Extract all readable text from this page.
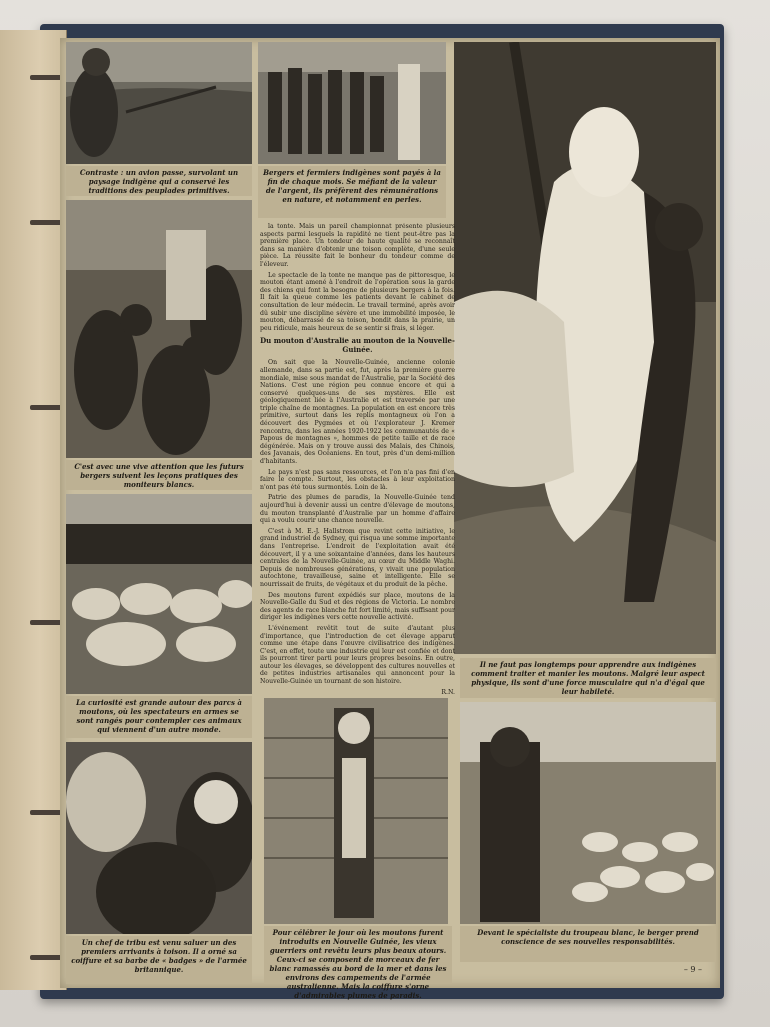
Contraste : un avion passe, survolant un paysage indigène qui a conservé les traditions des peuplades primitives.
Bergers et fermiers indigènes sont payés à la fin de chaque mois. Se méfiant de la valeur de l'argent, ils préfèrent des rémunérations en nature, et notamment en perles.
C'est avec une vive attention que les futurs bergers suivent les leçons pratiques des moniteurs blancs.
La curiosité est grande autour des parcs à moutons, où les spectateurs en armes se sont rangés pour contempler ces animaux qui viennent d'un autre monde.

la tonte. Mais un pareil championnat présente plusieurs aspects parmi lesquels la rapidité ne tient peut-être pas la première place. Un tondeur de haute qualité se reconnaît dans sa manière d'obtenir une toison complète, d'une seule pièce. La réussite fait le bonheur du tondeur comme de l'éleveur.

Le spectacle de la tonte ne manque pas de pittoresque, le mouton étant amené à l'endroit de l'opération sous la garde des chiens qui font la besogne de plusieurs bergers à la fois. Il fait la queue comme les patients devant le cabinet de consultation de leur médecin. Le travail terminé, après avoir dû subir une discipline sévère et une immobilité imposée, le mouton, débarrassé de sa toison, bondit dans la prairie, un peu ridicule, mais heureux de se sentir si frais, si léger.

Du mouton d'Australie au mouton de la Nouvelle-Guinée.

On sait que la Nouvelle-Guinée, ancienne colonie allemande, dans sa partie est, fut, après la première guerre mondiale, mise sous mandat de l'Australie, par la Société des Nations. C'est une région peu connue encore et qui a conservé quelques-uns de ses mystères. Elle est géologiquement liée à l'Australie et est traversée par une triple chaîne de montagnes. La population en est encore très primitive, surtout dans les replis montagneux où l'on a découvert des Pygmées et où l'explorateur J. Kremer rencontra, dans les années 1920-1922 les communautés de « Papous de montagnes », hommes de petite taille et de race dégénérée. Mais on y trouve aussi des Malais, des Chinois, des Javanais, des Océaniens. En tout, près d'un demi-million d'habitants.

Le pays n'est pas sans ressources, et l'on n'a pas fini d'en faire le compte. Surtout, les obstacles à leur exploitation n'ont pas été tous surmontés. Loin de là.

Patrie des plumes de paradis, la Nouvelle-Guinée tend aujourd'hui à devenir aussi un centre d'élevage de moutons, du mouton transplanté d'Australie par un homme d'affaire qui a voulu courir une chance nouvelle.

C'est à M. E.-J. Hallstrom que revint cette initiative, le grand industriel de Sydney, qui risqua une somme importante dans l'entreprise. L'endroit de l'exploitation avait été découvert, il y a une soixantaine d'années, dans les hauteurs centrales de la Nouvelle-Guinée, au cœur du Middle Waghi. Depuis de nombreuses générations, y vivait une population autochtone, travailleuse, saine et intelligente. Elle se nourrissait de fruits, de végétaux et du produit de la pêche.

Des moutons furent expédiés sur place, moutons de la Nouvelle-Galle du Sud et des régions de Victoria. Le nombre des agents de race blanche fut fort limité, mais suffisant pour diriger les indigènes vers cette nouvelle activité.

L'événement revêtit tout de suite d'autant plus d'importance, que l'introduction de cet élevage apparut comme une étape dans l'œuvre civilisatrice des indigènes. C'est, en effet, toute une industrie qui leur est confiée et dont ils pourront tirer parti pour leurs propres besoins. En outre, autour les élevages, se développent des cultures nouvelles et de petites industries artisanales qui annoncent pour la Nouvelle-Guinée un tournant de son histoire.

R.N.

Il ne faut pas longtemps pour apprendre aux indigènes comment traiter et manier les moutons. Malgré leur aspect physique, ils sont d'une force musculaire qui n'a d'égal que leur habileté.
Un chef de tribu est venu saluer un des premiers arrivants à toison. Il a orné sa coiffure et sa barbe de « badges » de l'armée britannique.
Pour célébrer le jour où les moutons furent introduits en Nouvelle Guinée, les vieux guerriers ont revêtu leurs plus beaux atours. Ceux-ci se composent de morceaux de fer blanc ramassés au bord de la mer et dans les environs des campements de l'armée australienne. Mais la coiffure s'orne d'admirables plumes de paradis.
Devant le spécialiste du troupeau blanc, le berger prend conscience de ses nouvelles responsabilités.
– 9 –
